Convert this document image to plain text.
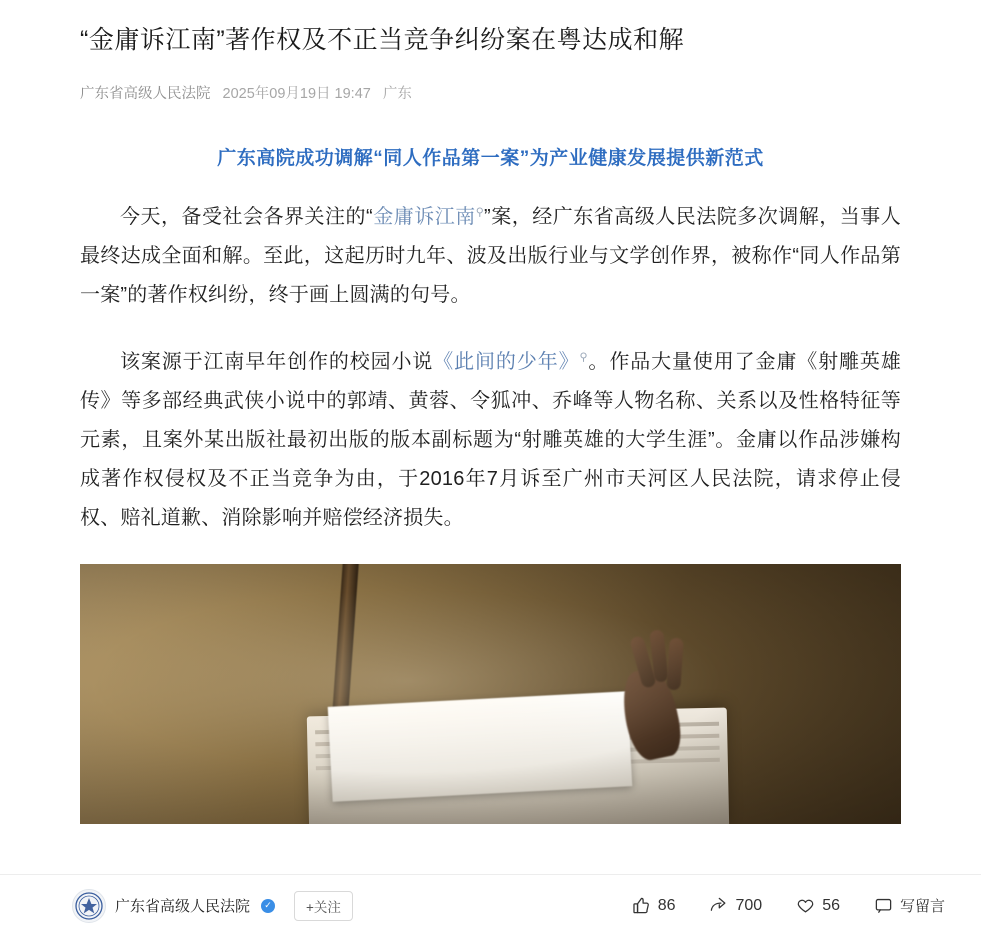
“金庸诉江南”著作权及不正当竞争纠纷案在粤达成和解
广东省高级人民法院 2025年09月19日 19:47 广东
广东高院成功调解“同人作品第一案”为产业健康发展提供新范式

今天，备受社会各界关注的“金庸诉江南⚲”案，经广东省高级人民法院多次调解，当事人最终达成全面和解。至此，这起历时九年、波及出版行业与文学创作界，被称作“同人作品第一案”的著作权纠纷，终于画上圆满的句号。

该案源于江南早年创作的校园小说《此间的少年》⚲。作品大量使用了金庸《射雕英雄传》等多部经典武侠小说中的郭靖、黄蓉、令狐冲、乔峰等人物名称、关系以及性格特征等元素，且案外某出版社最初出版的版本副标题为“射雕英雄的大学生涯”。金庸以作品涉嫌构成著作权侵权及不正当竞争为由，于2016年7月诉至广州市天河区人民法院，请求停止侵权、赔礼道歉、消除影响并赔偿经济损失。

广东省高级人民法院	✓	+关注	86	700	56	写留言
